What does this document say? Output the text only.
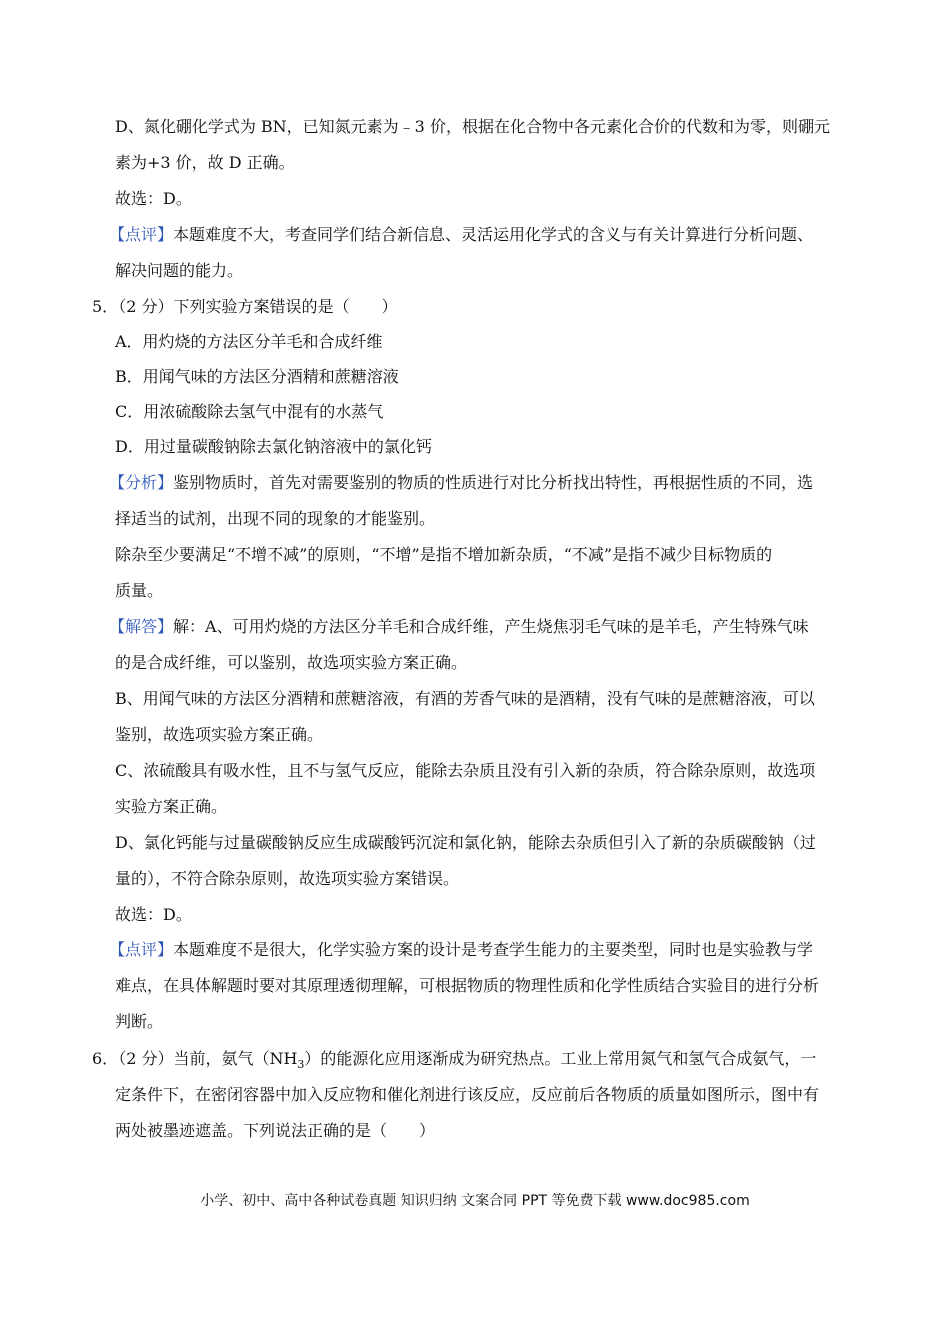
D、氮化硼化学式为 BN，已知氮元素为﹣3 价，根据在化合物中各元素化合价的代数和为零，则硼元
素为+3 价，故 D 正确。
故选：D。
【点评】本题难度不大，考查同学们结合新信息、灵活运用化学式的含义与有关计算进行分析问题、
解决问题的能力。
5．（2 分）下列实验方案错误的是（　　）
A．用灼烧的方法区分羊毛和合成纤维
B．用闻气味的方法区分酒精和蔗糖溶液
C．用浓硫酸除去氢气中混有的水蒸气
D．用过量碳酸钠除去氯化钠溶液中的氯化钙
【分析】鉴别物质时，首先对需要鉴别的物质的性质进行对比分析找出特性，再根据性质的不同，选
择适当的试剂，出现不同的现象的才能鉴别。
除杂至少要满足“不增不减”的原则，“不增”是指不增加新杂质，“不减”是指不减少目标物质的
质量。
【解答】解：A、可用灼烧的方法区分羊毛和合成纤维，产生烧焦羽毛气味的是羊毛，产生特殊气味
的是合成纤维，可以鉴别，故选项实验方案正确。
B、用闻气味的方法区分酒精和蔗糖溶液，有酒的芳香气味的是酒精，没有气味的是蔗糖溶液，可以
鉴别，故选项实验方案正确。
C、浓硫酸具有吸水性，且不与氢气反应，能除去杂质且没有引入新的杂质，符合除杂原则，故选项
实验方案正确。
D、氯化钙能与过量碳酸钠反应生成碳酸钙沉淀和氯化钠，能除去杂质但引入了新的杂质碳酸钠（过
量的），不符合除杂原则，故选项实验方案错误。
故选：D。
【点评】本题难度不是很大，化学实验方案的设计是考查学生能力的主要类型，同时也是实验教与学
难点，在具体解题时要对其原理透彻理解，可根据物质的物理性质和化学性质结合实验目的进行分析
判断。
6．（2 分）当前，氨气$(NH_3)$的能源化应用逐渐成为研究热点。工业上常用氮气和氢气合成氨气，一
定条件下，在密闭容器中加入反应物和催化剂进行该反应，反应前后各物质的质量如图所示，图中有
两处被墨迹遮盖。下列说法正确的是（　　）
小学、初中、高中各种试卷真题 知识归纳 文案合同 PPT 等免费下载 www.doc985.com
